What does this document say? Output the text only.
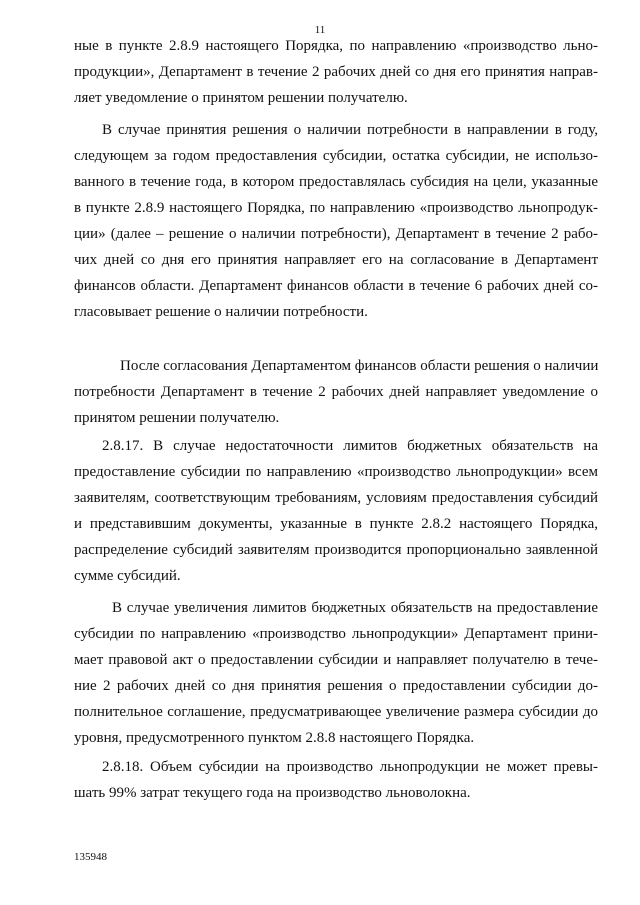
11
ные в пункте 2.8.9 настоящего Порядка, по направлению «производство льно-
продукции», Департамент в течение 2 рабочих дней со дня его принятия направ-
ляет уведомление о принятом решении получателю.
В случае принятия решения о наличии потребности в направлении в году,
следующем за годом предоставления субсидии, остатка субсидии, не использо-
ванного в течение года, в котором предоставлялась субсидия на цели, указанные
в пункте 2.8.9 настоящего Порядка, по направлению «производство льнопродук-
ции» (далее – решение о наличии потребности), Департамент в течение 2 рабо-
чих дней со дня его принятия направляет его на согласование в Департамент
финансов области. Департамент финансов области в течение 6 рабочих дней со-
гласовывает решение о наличии потребности.
После согласования Департаментом финансов области решения о наличии
потребности Департамент в течение 2 рабочих дней направляет уведомление о
принятом решении получателю.
2.8.17. В случае недостаточности лимитов бюджетных обязательств на
предоставление субсидии по направлению «производство льнопродукции» всем
заявителям, соответствующим требованиям, условиям предоставления субсидий
и представившим документы, указанные в пункте 2.8.2 настоящего Порядка,
распределение субсидий заявителям производится пропорционально заявленной
сумме субсидий.
В случае увеличения лимитов бюджетных обязательств на предоставление
субсидии по направлению «производство льнопродукции» Департамент прини-
мает правовой акт о предоставлении субсидии и направляет получателю в тече-
ние 2 рабочих дней со дня принятия решения о предоставлении субсидии до-
полнительное соглашение, предусматривающее увеличение размера субсидии до
уровня, предусмотренного пунктом 2.8.8 настоящего Порядка.
2.8.18. Объем субсидии на производство льнопродукции не может превы-
шать 99% затрат текущего года на производство льноволокна.
135948
